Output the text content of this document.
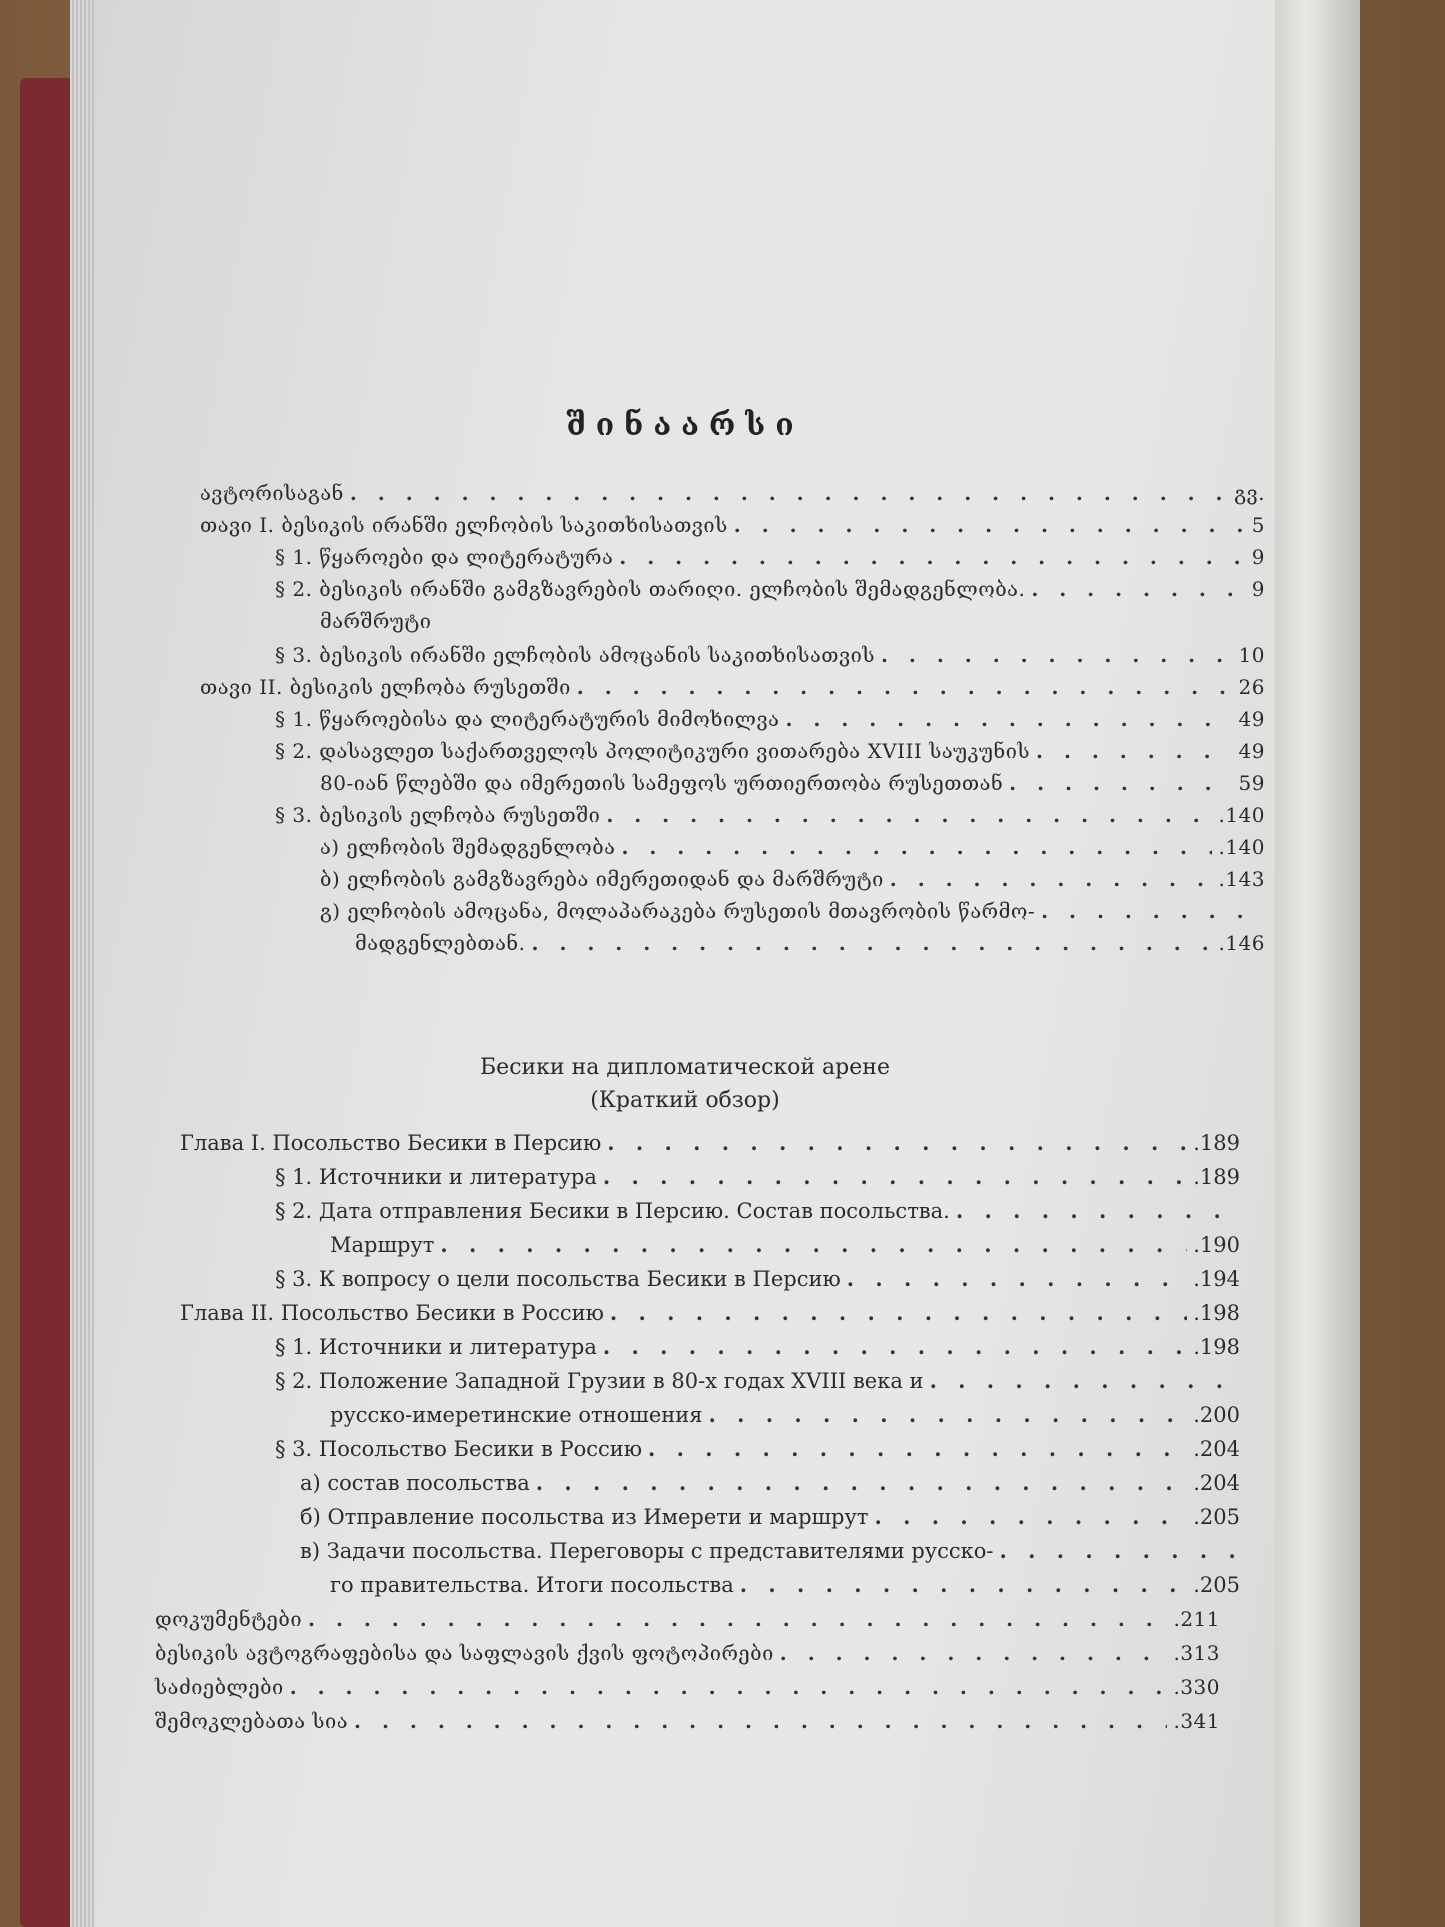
შინაარსი
ავტორისაგან . . .	გვ.
თავი I. ბესიკის ირანში ელჩობის საკითხისათვის . . .	5
§ 1. წყაროები და ლიტერატურა . . .	9
§ 2. ბესიკის ირანში გამგზავრების თარიღი. ელჩობის შემადგენლობა. . . .	9
მარშრუტი
§ 3. ბესიკის ირანში ელჩობის ამოცანის საკითხისათვის . . .	10
თავი II. ბესიკის ელჩობა რუსეთში . . .	26
§ 1. წყაროებისა და ლიტერატურის მიმოხილვა . . .	49
§ 2. დასავლეთ საქართველოს პოლიტიკური ვითარება XVIII საუკუნის . . .	49
80-იან წლებში და იმერეთის სამეფოს ურთიერთობა რუსეთთან . . .	59
§ 3. ბესიკის ელჩობა რუსეთში . . .	.140
ა) ელჩობის შემადგენლობა . . .	.140
ბ) ელჩობის გამგზავრება იმერეთიდან და მარშრუტი . . .	.143
გ) ელჩობის ამოცანა, მოლაპარაკება რუსეთის მთავრობის წარმო-
. . .
მადგენლებთან. . . .	.146
Бесики на дипломатической арене
(Краткий обзор)
Глава I. Посольство Бесики в Персию . . .	.189
§ 1. Источники и литература . . .	.189
§ 2. Дата отправления Бесики в Персию. Состав посольства.
. . .
Маршрут . . .	.190
§ 3. К вопросу о цели посольства Бесики в Персию . . .	.194
Глава II. Посольство Бесики в Россию . . .	.198
§ 1. Источники и литература . . .	.198
§ 2. Положение Западной Грузии в 80-х годах XVIII века и
. . .
русско-имеретинские отношения . . .	.200
§ 3. Посольство Бесики в Россию . . .	.204
а) состав посольства . . .	.204
б) Отправление посольства из Имерети и маршрут . . .	.205
в) Задачи посольства. Переговоры с представителями русско-
. . .
го правительства. Итоги посольства . . .	.205
დოკუმენტები . . .	.211
ბესიკის ავტოგრაფებისა და საფლავის ქვის ფოტოპირები . . .	.313
საძიებლები . . .	.330
შემოკლებათა სია . . .	.341
